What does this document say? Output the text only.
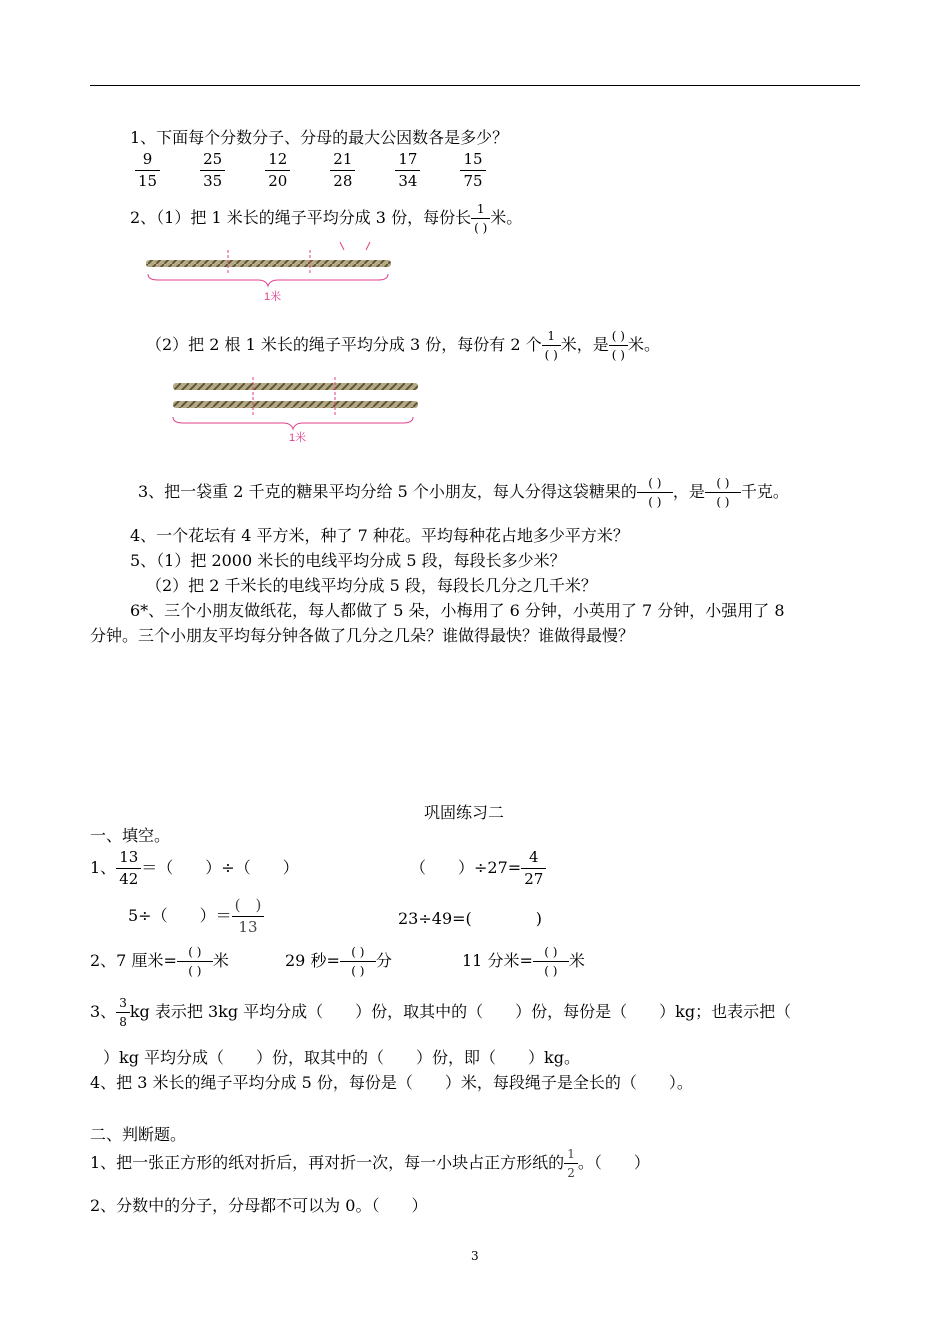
1、下面每个分数分子、分母的最大公因数各是多少？
$\frac{9}{15}$	$\frac{25}{35}$	$\frac{12}{20}$	$\frac{21}{28}$	$\frac{17}{34}$	$\frac{15}{75}$
2、（1）把 1 米长的绳子平均分成 3 份，每份长 $\frac{1}{( )}$ 米。
1米
（2）把 2 根 1 米长的绳子平均分成 3 份，每份有 2 个 $\frac{1}{( )}$ 米，是 $\frac{( )}{( )}$ 米。
1米
3、把一袋重 2 千克的糖果平均分给 5 个小朋友，每人分得这袋糖果的 $\frac{( )}{( )}$ ，是 $\frac{( )}{( )}$ 千克。
4、一个花坛有 4 平方米，种了 7 种花。平均每种花占地多少平方米？
5、（1）把 2000 米长的电线平均分成 5 段，每段长多少米？
（2）把 2 千米长的电线平均分成 5 段，每段长几分之几千米？
6*、三个小朋友做纸花，每人都做了 5 朵，小梅用了 6 分钟，小英用了 7 分钟，小强用了 8
分钟。三个小朋友平均每分钟各做了几分之几朵？谁做得最快？谁做得最慢？
巩固练习二
一、填空。
1、 $\frac{13}{42}$ ＝（　　）÷（　　）	（　　）$\div 27= \frac{4}{27}$
5÷（　　）＝ $\frac{( )}{13}$	23÷49=(　　　　)
2、7 厘米= $\frac{( )}{( )}$ 米	29 秒= $\frac{( )}{( )}$ 分	11 分米= $\frac{( )}{( )}$ 米
3、 $\frac{3}{8}$ kg 表示把 3kg 平均分成（　　）份，取其中的（　　）份，每份是（　　）kg；也表示把（
）kg 平均分成（　　）份，取其中的（　　）份，即（　　）kg。
4、把 3 米长的绳子平均分成 5 份，每份是（　　）米，每段绳子是全长的（　　）。
二、判断题。
1、把一张正方形的纸对折后，再对折一次，每一小块占正方形纸的 $\frac{1}{2}$ 。（　　）
2、分数中的分子，分母都不可以为 0。（　　）
3
